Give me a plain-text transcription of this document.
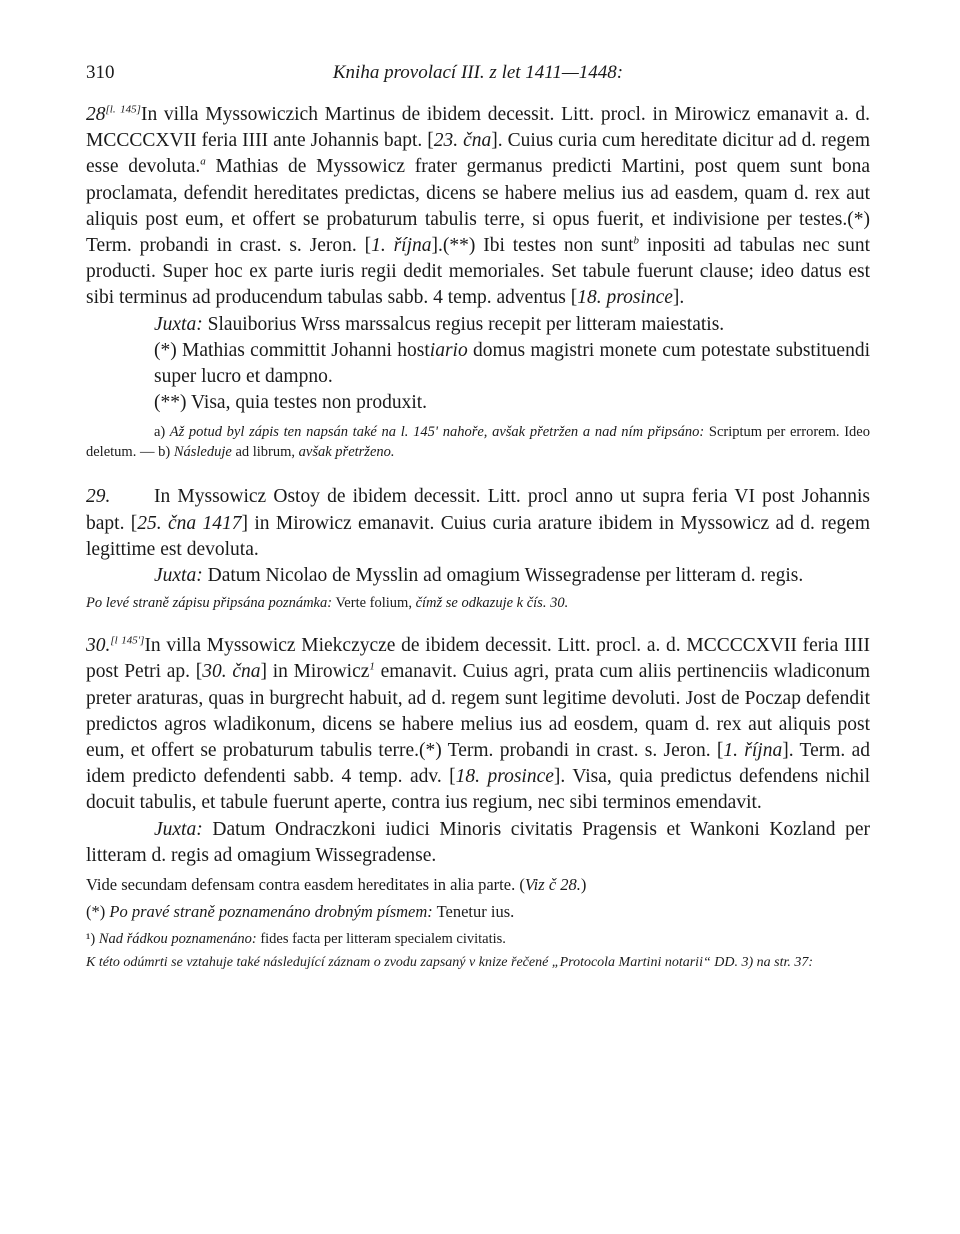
310	Kniha provolací III. z let 1411—1448:

28[l. 145]In villa Myssowiczich Martinus de ibidem decessit. Litt. procl. in Mirowicz emanavit a. d. MCCCCXVII feria IIII ante Johannis bapt. [23. čna]. Cuius curia cum hereditate dicitur ad d. regem esse devoluta.$^a$ Mathias de Myssowicz frater germanus predicti Martini, post quem sunt bona proclamata, defendit hereditates predictas, dicens se habere melius ius ad easdem, quam d. rex aut aliquis post eum, et offert se probaturum tabulis terre, si opus fuerit, et indivisione per testes.(*) Term. probandi in crast. s. Jeron. [1. října].(**) Ibi testes non sunt$^b$ inpositi ad tabulas nec sunt producti. Super hoc ex parte iuris regii dedit memoriales. Set tabule fuerunt clause; ideo datus est sibi terminus ad producendum tabulas sabb. 4 temp. adventus [18. prosince].

Juxta: Slauiborius Wrss marssalcus regius recepit per litteram maiestatis.

(*) Mathias committit Johanni hostiario domus magistri monete cum potestate substituendi super lucro et dampno.

(**) Visa, quia testes non produxit.

a) Až potud byl zápis ten napsán také na l. 145' nahoře, avšak přetržen a nad ním připsáno: Scriptum per errorem. Ideo deletum. — b) Následuje ad librum, avšak přetrženo.

29. In Myssowicz Ostoy de ibidem decessit. Litt. procl anno ut supra feria VI post Johannis bapt. [25. čna 1417] in Mirowicz emanavit. Cuius curia arature ibidem in Myssowicz ad d. regem legittime est devoluta.

Juxta: Datum Nicolao de Mysslin ad omagium Wissegradense per litteram d. regis.

Po levé straně zápisu připsána poznámka: Verte folium, čímž se odkazuje k čís. 30.

30.[l 145']In villa Myssowicz Miekczycze de ibidem decessit. Litt. procl. a. d. MCCCCXVII feria IIII post Petri ap. [30. čna] in Mirowicz$^1$ emanavit. Cuius agri, prata cum aliis pertinenciis wladiconum preter araturas, quas in burgrecht habuit, ad d. regem sunt legitime devoluti. Jost de Poczap defendit predictos agros wladikonum, dicens se habere melius ius ad eosdem, quam d. rex aut aliquis post eum, et offert se probaturum tabulis terre.(*) Term. probandi in crast. s. Jeron. [1. října]. Term. ad idem predicto defendenti sabb. 4 temp. adv. [18. prosince]. Visa, quia predictus defendens nichil docuit tabulis, et tabule fuerunt aperte, contra ius regium, nec sibi terminos emendavit.

Juxta: Datum Ondraczkoni iudici Minoris civitatis Pragensis et Wankoni Kozland per litteram d. regis ad omagium Wissegradense.

Vide secundam defensam contra easdem hereditates in alia parte. (Viz č 28.)

(*) Po pravé straně poznamenáno drobným písmem: Tenetur ius.

¹) Nad řádkou poznamenáno: fides facta per litteram specialem civitatis.

K této odúmrti se vztahuje také následující záznam o zvodu zapsaný v knize řečené „Protocola Martini notarii“ DD. 3) na str. 37:
